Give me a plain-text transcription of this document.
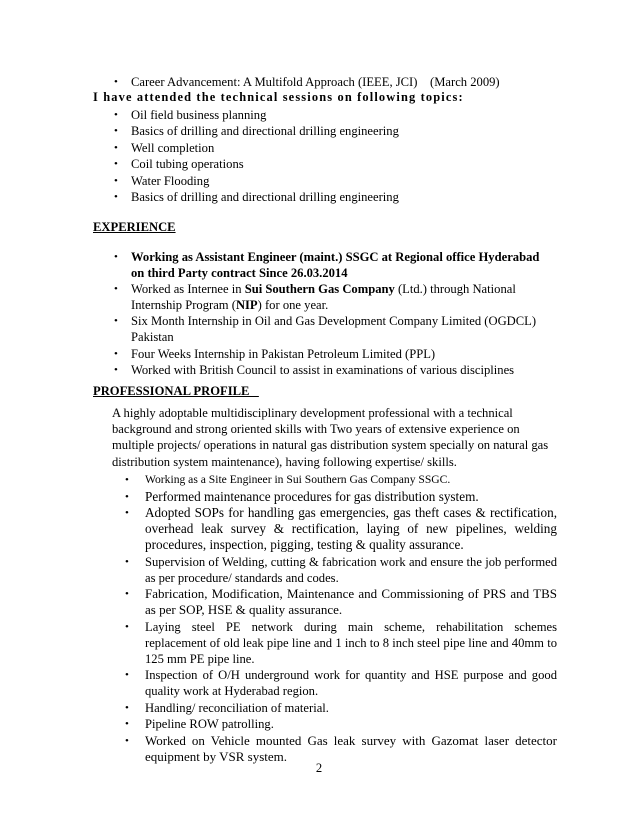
• Career Advancement: A Multifold Approach (IEEE, JCI)    (March 2009)
I have attended the technical sessions on following topics:
• Oil field business planning
• Basics of drilling and directional drilling engineering
• Well completion
• Coil tubing operations
• Water Flooding
• Basics of drilling and directional drilling engineering
EXPERIENCE
• Working as Assistant Engineer (maint.) SSGC at Regional office Hyderabad on third Party contract Since 26.03.2014
• Worked as Internee in Sui Southern Gas Company (Ltd.) through National Internship Program (NIP) for one year.
• Six Month Internship in Oil and Gas Development Company Limited (OGDCL) Pakistan
• Four Weeks Internship in Pakistan Petroleum Limited (PPL)
• Worked with British Council to assist in examinations of various disciplines
PROFESSIONAL PROFILE

A highly adoptable multidisciplinary development professional with a technical background and strong oriented skills with Two years of extensive experience on multiple projects/ operations in natural gas distribution system specially on natural gas distribution system maintenance), having following expertise/ skills.

• Working as a Site Engineer in Sui Southern Gas Company SSGC.
• Performed maintenance procedures for gas distribution system.
• Adopted SOPs for handling gas emergencies, gas theft cases & rectification, overhead leak survey & rectification, laying of new pipelines, welding procedures, inspection, pigging, testing & quality assurance.
• Supervision of Welding, cutting & fabrication work and ensure the job performed as per procedure/ standards and codes.
• Fabrication, Modification, Maintenance and Commissioning of PRS and TBS as per SOP, HSE & quality assurance.
• Laying steel PE network during main scheme, rehabilitation schemes replacement of old leak pipe line and 1 inch to 8 inch steel pipe line and 40mm to 125 mm PE pipe line.
• Inspection of O/H underground work for quantity and HSE purpose and good quality work at Hyderabad region.
• Handling/ reconciliation of material.
• Pipeline ROW patrolling.
• Worked on Vehicle mounted Gas leak survey with Gazomat laser detector equipment by VSR system.
2
